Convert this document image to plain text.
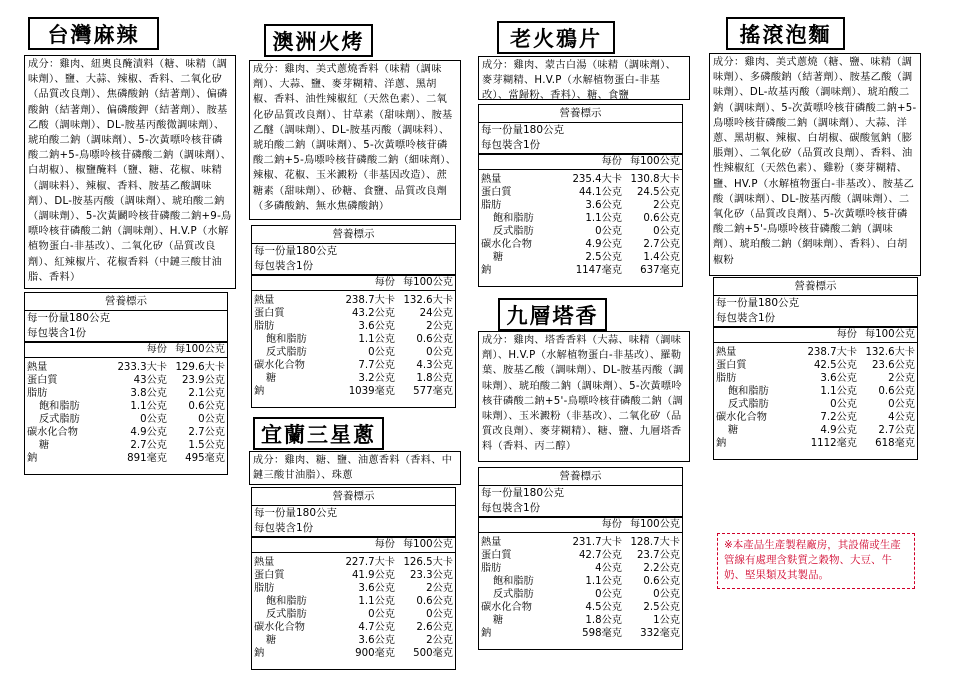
台灣麻辣
成分：雞肉、紐奧良醃漬料（糖、味精（調味劑）、鹽、大蒜、辣椒、香料、二氧化矽（品質改良劑）、焦磷酸鈉（結著劑）、偏磷酸鈉（結著劑）、偏磷酸鉀（結著劑）、胺基乙酸（調味劑）、DL-胺基丙酸微調味劑）、琥珀酸二鈉（調味劑）、5-次黃嘌呤核苷磷酸二鈉+5-鳥嘌呤核苷磷酸二鈉（調味劑）、白胡椒）、椒鹽醃料（鹽、糖、花椒、味精（調味料）、辣椒、香料、胺基乙酸調味劑）、DL-胺基丙酸（調味劑）、琥珀酸二鈉（調味劑）、5-次黃鬬呤核苷磷酸二鈉+9-鳥嘌呤核苷磷酸二鈉（調味劑）、H.V.P（水解植物蛋白-非基改）、二氧化矽（品質改良劑）、紅辣椒片、花椒香料（中鏈三酸甘油脂、香料）
營養標示
每一份量180公克
每包裝含1份
每份 每100公克
熱量	233.3大卡 129.6大卡
蛋白質	43公克	23.9公克
脂肪	3.8公克	2.1公克
飽和脂肪	1.1公克	0.6公克
反式脂肪	0公克	0公克
碳水化合物	4.9公克	2.7公克
糖	2.7公克	1.5公克
鈉	891毫克	495毫克
澳洲火烤
成分：雞肉、美式蔥燒香料（味精（調味劑）、大蒜、鹽、麥芽糊精、洋蔥、黑胡椒、香料、油性辣椒紅（天然色素）、二氧化矽品質改良劑）、甘草素（甜味劑）、胺基乙醚（調味劑）、DL-胺基丙酸（調味料）、琥珀酸二鈉（調味劑）、5-次黃嘌呤核苷磷酸二鈉+5-鳥嘌呤核苷磷酸二鈉（細味劑）、辣椒、花椒、玉米澱粉（非基因改造）、蔗糖素（甜味劑）、砂糖、食鹽、品質改良劑（多磷酸鈉、無水焦磷酸鈉）
營養標示
每一份量180公克
每包裝含1份
每份 每100公克
熱量	238.7大卡 132.6大卡
蛋白質	43.2公克	24公克
脂肪	3.6公克	2公克
飽和脂肪	1.1公克	0.6公克
反式脂肪	0公克	0公克
碳水化合物	7.7公克	4.3公克
糖	3.2公克	1.8公克
鈉	1039毫克	577毫克
宜蘭三星蔥
成分：雞肉、糖、鹽、油蔥香料（香料、中鏈三酸甘油脂）、珠蔥
營養標示
每一份量180公克
每包裝含1份
每份 每100公克
熱量	227.7大卡 126.5大卡
蛋白質	41.9公克	23.3公克
脂肪	3.6公克	2公克
飽和脂肪	1.1公克	0.6公克
反式脂肪	0公克	0公克
碳水化合物	4.7公克	2.6公克
糖	3.6公克	2公克
鈉	900毫克	500毫克
老火鴉片
成分：雞肉、蒙古白湯（味精（調味劑）、麥芽糊精、H.V.P（水解植物蛋白-非基改）、當歸粉、香料）、糖、食鹽
營養標示
每一份量180公克
每包裝含1份
每份 每100公克
熱量	235.4大卡 130.8大卡
蛋白質	44.1公克	24.5公克
脂肪	3.6公克	2公克
飽和脂肪	1.1公克	0.6公克
反式脂肪	0公克	0公克
碳水化合物	4.9公克	2.7公克
糖	2.5公克	1.4公克
鈉	1147毫克	637毫克
九層塔香
成分：雞肉、塔香香料（大蒜、味精（調味劑）、H.V.P（水解植物蛋白-非基改）、羅勒葉、胺基乙酸（調味劑）、DL-胺基丙酸（調味劑）、琥珀酸二鈉（調味劑）、5-次黃嘌呤核苷磷酸二鈉+5'-鳥嘌呤核苷磷酸二鈉（調味劑）、玉米澱粉（非基改）、二氧化矽（品質改良劑）、麥芽糊精）、糖、鹽、九層塔香料（香料、丙二醇）
營養標示
每一份量180公克
每包裝含1份
每份 每100公克
熱量	231.7大卡 128.7大卡
蛋白質	42.7公克	23.7公克
脂肪	4公克	2.2公克
飽和脂肪	1.1公克	0.6公克
反式脂肪	0公克	0公克
碳水化合物	4.5公克	2.5公克
糖	1.8公克	1公克
鈉	598毫克	332毫克
搖滾泡麵
成分：雞肉、美式蔥燒（糖、鹽、味精（調味劑）、多磷酸鈉（結著劑）、胺基乙酸（調味劑）、DL-故基丙酸（調味劑）、琥珀酸二鈉（調味劑）、5-次黃嘌呤核苷磷酸二鈉+5-鳥嘌呤核苷磷酸二鈉（調味劑）、大蒜、洋蔥、黑胡椒、辣椒、白胡椒、碳酸氫鈉（膨脹劑）、二氧化矽（品質改良劑）、香料、油性辣椒紅（天然色素）、雞粉（麥芽糊精、鹽、HV.P（水解植物蛋白-非基改）、胺基乙酸（調味劑）、DL-胺基丙酸（調味劑）、二氧化矽（品質改良劑）、5-次黃嘌呤核苷磷酸二鈉+5'-鳥嘌呤核苷磷酸二鈉（調味劑）、琥珀酸二鈉（網味劑）、香料）、白胡椒粉
營養標示
每一份量180公克
每包裝含1份
每份 每100公克
熱量	238.7大卡 132.6大卡
蛋白質	42.5公克	23.6公克
脂肪	3.6公克	2公克
飽和脂肪	1.1公克	0.6公克
反式脂肪	0公克	0公克
碳水化合物	7.2公克	4公克
糖	4.9公克	2.7公克
鈉	1112毫克	618毫克
※本產品生產製程廠房，其設備或生產管線有處理含麩質之穀物、大豆、牛 奶、堅果類及其製品。
